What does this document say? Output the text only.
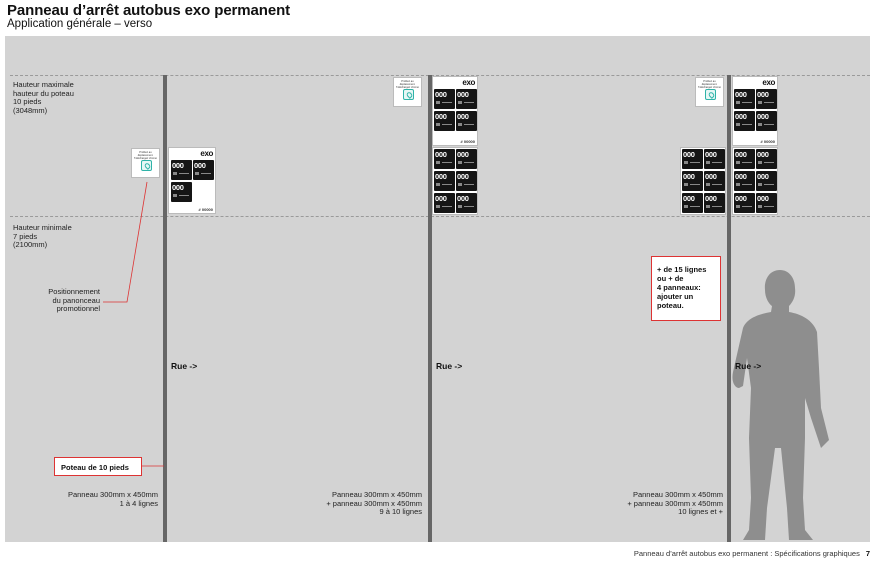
Panneau d’arrêt autobus exo permanent
Application générale – verso
Hauteur maximale
hauteur du poteau
10 pieds
(3048mm)
Hauteur minimale
7 pieds
(2100mm)
Positionnement
du panonceau
promotionnel
Rue ->	Rue ->	Rue ->
+ de 15 lignes
ou + de
4 panneaux:
ajouter un
poteau.
Poteau de 10 pieds
Panneau 300mm x 450mm
1 à 4 lignes
Panneau 300mm x 450mm
+ panneau 300mm x 450mm
9 à 10 lignes
Panneau 300mm x 450mm
+ panneau 300mm x 450mm
10 lignes et +
Profitez au déplacement. Téléchargez chrono
Profitez au déplacement. Téléchargez chrono
Profitez au déplacement. Téléchargez chrono
exo
000 000
000
# 00000
exo
000 000
000 000
# 00000
000 000
000 000
000 000
000 000
000 000
000 000
exo
000 000
000 000
# 00000
000 000
000 000
000 000
Panneau d’arrêt autobus exo permanent : Spécifications graphiques 7
